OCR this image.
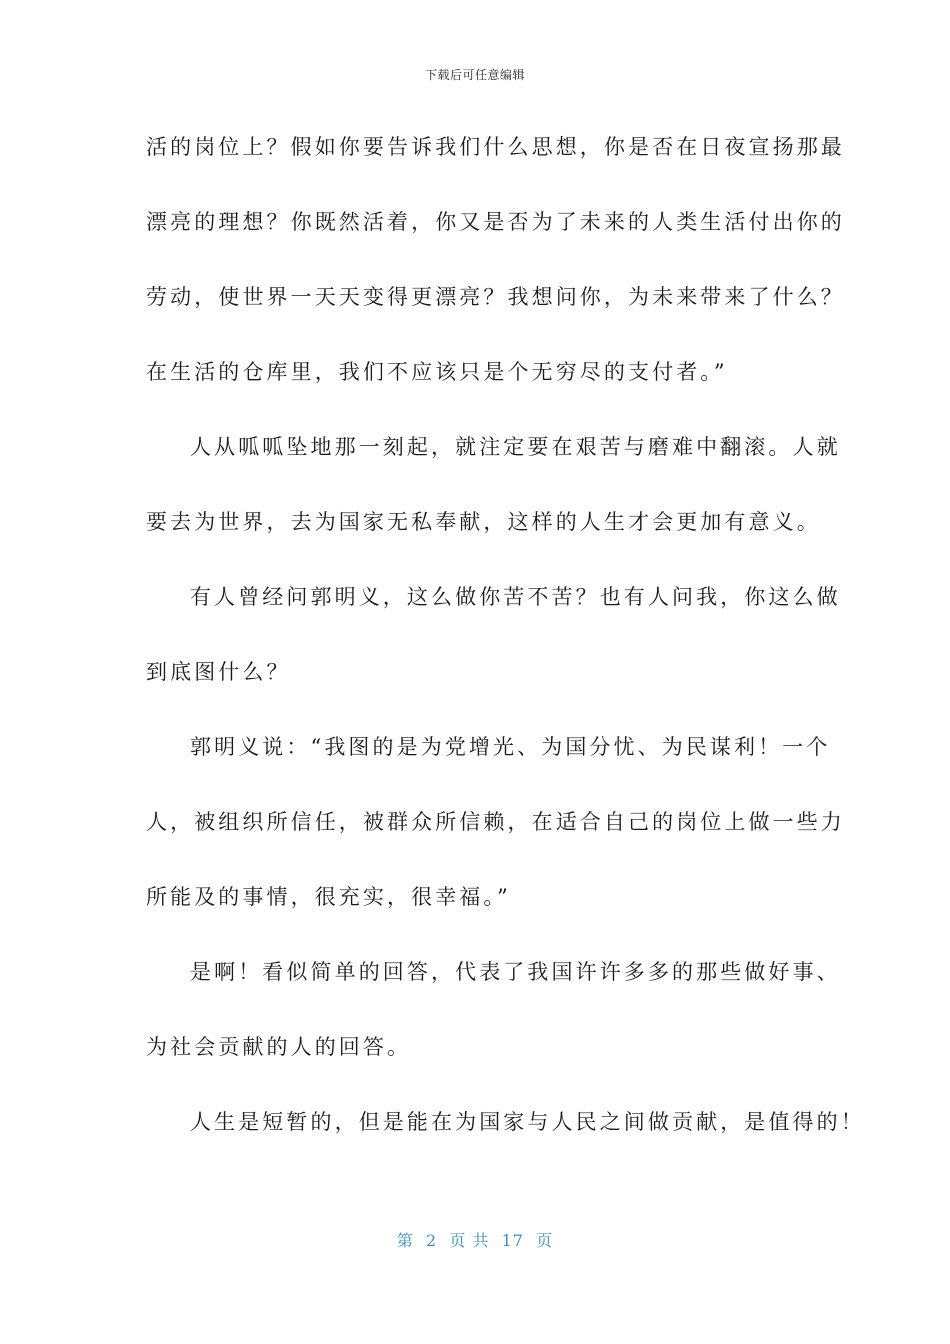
下载后可任意编辑
活的岗位上？假如你要告诉我们什么思想，你是否在日夜宣扬那最
漂亮的理想？你既然活着，你又是否为了未来的人类生活付出你的
劳动，使世界一天天变得更漂亮？我想问你，为未来带来了什么？
在生活的仓库里，我们不应该只是个无穷尽的支付者。”
人从呱呱坠地那一刻起，就注定要在艰苦与磨难中翻滚。人就
要去为世界，去为国家无私奉献，这样的人生才会更加有意义。
有人曾经问郭明义，这么做你苦不苦？也有人问我，你这么做
到底图什么？
郭明义说：“我图的是为党增光、为国分忧、为民谋利！一个
人，被组织所信任，被群众所信赖，在适合自己的岗位上做一些力
所能及的事情，很充实，很幸福。”
是啊！看似简单的回答，代表了我国许许多多的那些做好事、
为社会贡献的人的回答。
人生是短暂的，但是能在为国家与人民之间做贡献，是值得的！
第  2  页 共  17  页
